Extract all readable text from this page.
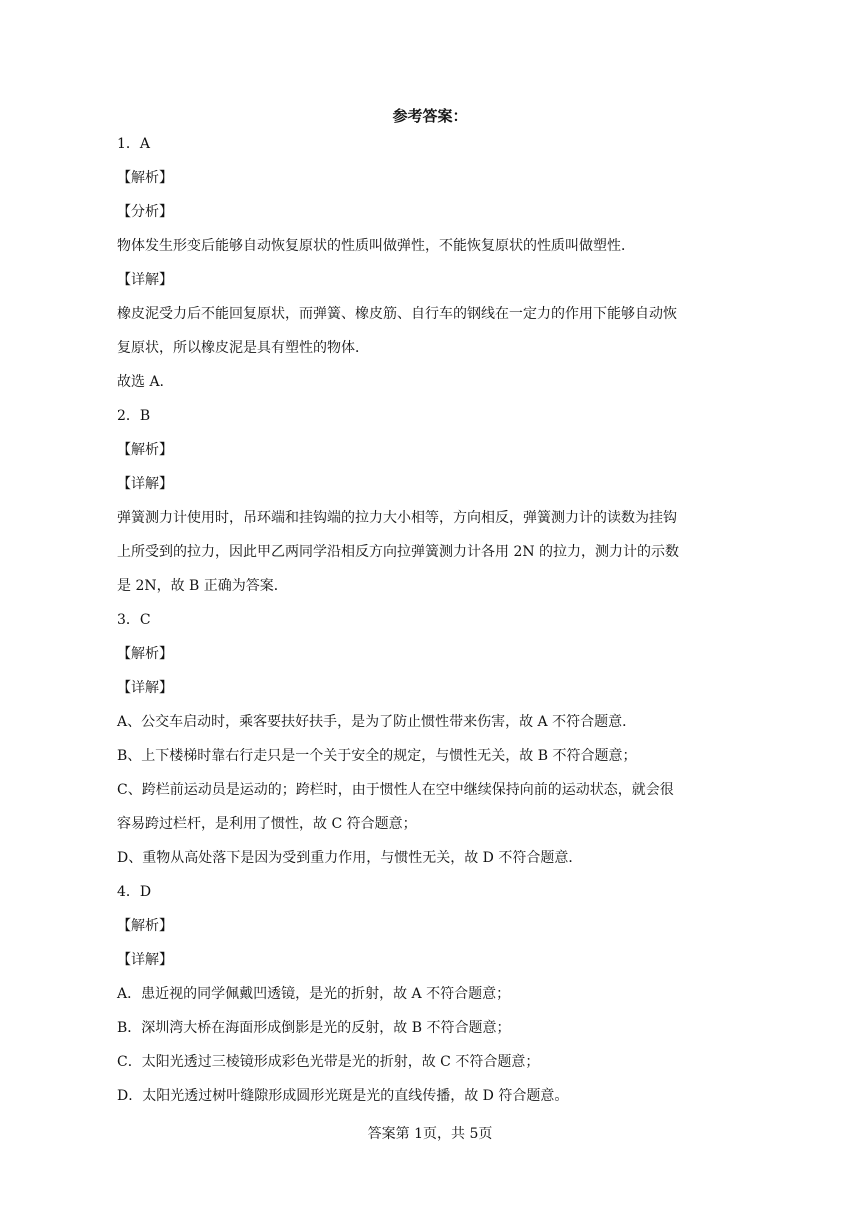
参考答案：
1．A
【解析】
【分析】
物体发生形变后能够自动恢复原状的性质叫做弹性，不能恢复原状的性质叫做塑性．
【详解】
橡皮泥受力后不能回复原状，而弹簧、橡皮筋、自行车的钢线在一定力的作用下能够自动恢
复原状，所以橡皮泥是具有塑性的物体．
故选 A.
2．B
【解析】
【详解】
弹簧测力计使用时，吊环端和挂钩端的拉力大小相等，方向相反，弹簧测力计的读数为挂钩
上所受到的拉力，因此甲乙两同学沿相反方向拉弹簧测力计各用 2N 的拉力，测力计的示数
是 2N，故 B 正确为答案．
3．C
【解析】
【详解】
A、公交车启动时，乘客要扶好扶手，是为了防止惯性带来伤害，故 A 不符合题意．
B、上下楼梯时靠右行走只是一个关于安全的规定，与惯性无关，故 B 不符合题意；
C、跨栏前运动员是运动的；跨栏时，由于惯性人在空中继续保持向前的运动状态，就会很
容易跨过栏杆，是利用了惯性，故 C 符合题意；
D、重物从高处落下是因为受到重力作用，与惯性无关，故 D 不符合题意．
4．D
【解析】
【详解】
A．患近视的同学佩戴凹透镜，是光的折射，故 A 不符合题意；
B．深圳湾大桥在海面形成倒影是光的反射，故 B 不符合题意；
C．太阳光透过三棱镜形成彩色光带是光的折射，故 C 不符合题意；
D．太阳光透过树叶缝隙形成圆形光斑是光的直线传播，故 D 符合题意。
答案第 1页，共 5页
